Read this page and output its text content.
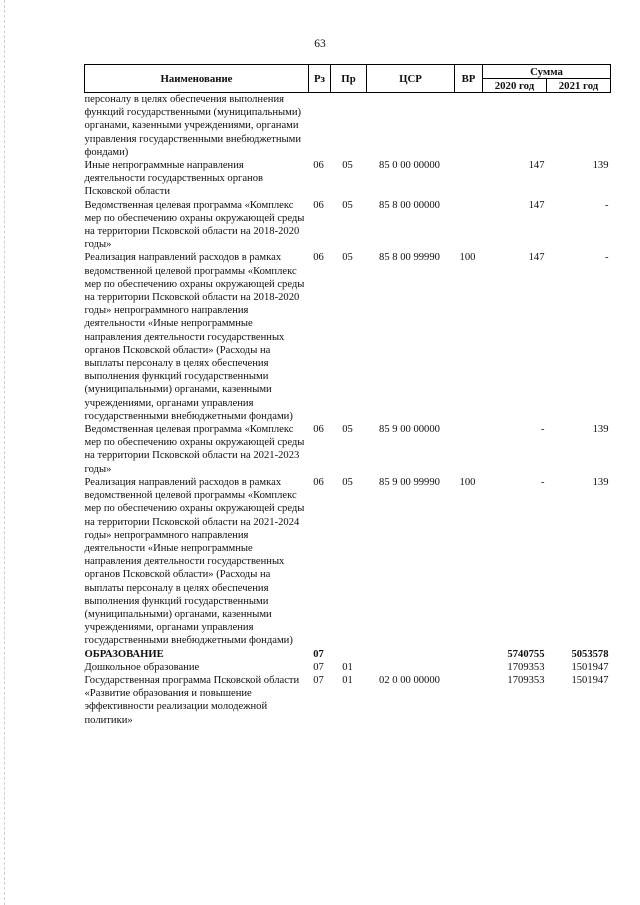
63
Наименование	Рз	Пр	ЦСР	ВР	Сумма	
					2020 год	2021 год
персоналу в целях обеспечения выполнения функций государственными (муниципальными) органами, казенными учреждениями, органами управления государственными внебюджетными фондами)						
Иные непрограммные направления деятельности государственных органов Псковской области	06	05	85 0 00 00000		147	139
Ведомственная целевая программа «Комплекс мер по обеспечению охраны окружающей среды на территории Псковской области на 2018-2020 годы»	06	05	85 8 00 00000		147	-
Реализация направлений расходов в рамках ведомственной целевой программы «Комплекс мер по обеспечению охраны окружающей среды на территории Псковской области на 2018-2020 годы» непрограммного направления деятельности «Иные непрограммные направления деятельности государственных органов Псковской области» (Расходы на выплаты персоналу в целях обеспечения выполнения функций государственными (муниципальными) органами, казенными учреждениями, органами управления государственными внебюджетными фондами)	06	05	85 8 00 99990	100	147	-
Ведомственная целевая программа «Комплекс мер по обеспечению охраны окружающей среды на территории Псковской области на 2021-2023 годы»	06	05	85 9 00 00000		-	139
Реализация направлений расходов в рамках ведомственной целевой программы «Комплекс мер по обеспечению охраны окружающей среды на территории Псковской области на 2021-2024 годы» непрограммного направления деятельности «Иные непрограммные направления деятельности государственных органов Псковской области» (Расходы на выплаты персоналу в целях обеспечения выполнения функций государственными (муниципальными) органами, казенными учреждениями, органами управления государственными внебюджетными фондами)	06	05	85 9 00 99990	100	-	139
ОБРАЗОВАНИЕ	07				5740755	5053578
Дошкольное образование	07	01			1709353	1501947
Государственная программа Псковской области «Развитие образования и повышение эффективности реализации молодежной политики»	07	01	02 0 00 00000		1709353	1501947
